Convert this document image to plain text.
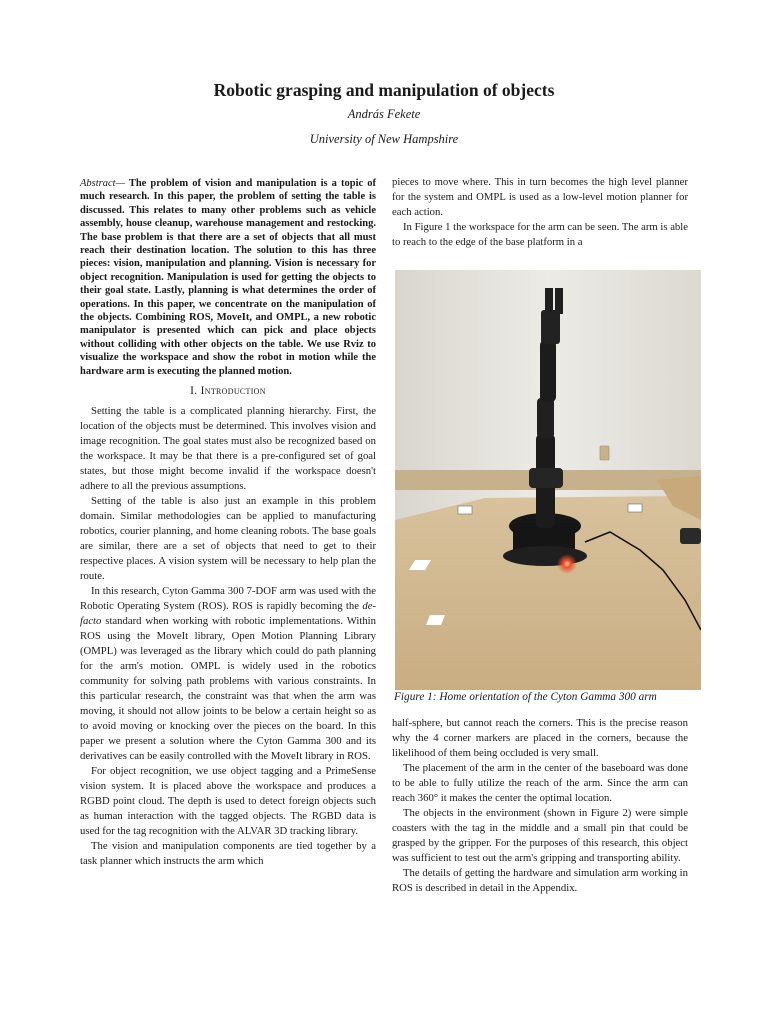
Robotic grasping and manipulation of objects
András Fekete
University of New Hampshire

Abstract— The problem of vision and manipulation is a topic of much research. In this paper, the problem of setting the table is discussed. This relates to many other problems such as vehicle assembly, house cleanup, warehouse management and restocking. The base problem is that there are a set of objects that all must reach their destination location. The solution to this has three pieces: vision, manipulation and planning. Vision is necessary for object recognition. Manipulation is used for getting the objects to their goal state. Lastly, planning is what determines the order of operations. In this paper, we concentrate on the manipulation of the objects. Combining ROS, MoveIt, and OMPL, a new robotic manipulator is presented which can pick and place objects without colliding with other objects on the table. We use Rviz to visualize the workspace and show the robot in motion while the hardware arm is executing the planned motion.

I. Introduction

Setting the table is a complicated planning hierarchy. First, the location of the objects must be determined. This involves vision and image recognition. The goal states must also be recognized based on the workspace. It may be that there is a pre-configured set of goal states, but those might become invalid if the workspace doesn't adhere to all the previous assumptions.

Setting of the table is also just an example in this problem domain. Similar methodologies can be applied to manufacturing robotics, courier planning, and home cleaning robots. The base goals are similar, there are a set of objects that need to get to their respective places. A vision system will be necessary to help plan the route.

In this research, Cyton Gamma 300 7-DOF arm was used with the Robotic Operating System (ROS). ROS is rapidly becoming the de-facto standard when working with robotic implementations. Within ROS using the MoveIt library, Open Motion Planning Library (OMPL) was leveraged as the library which could do path planning for the arm's motion. OMPL is widely used in the robotics community for solving path problems with various constraints. In this particular research, the constraint was that when the arm was moving, it should not allow joints to be below a certain height so as to avoid moving or knocking over the pieces on the board. In this paper we present a solution where the Cyton Gamma 300 and its derivatives can be easily controlled with the MoveIt library in ROS.

For object recognition, we use object tagging and a PrimeSense vision system. It is placed above the workspace and produces a RGBD point cloud. The depth is used to detect foreign objects such as human interaction with the tagged objects. The RGBD data is used for the tag recognition with the ALVAR 3D tracking library.

The vision and manipulation components are tied together by a task planner which instructs the arm which

pieces to move where. This in turn becomes the high level planner for the system and OMPL is used as a low-level motion planner for each action.

In Figure 1 the workspace for the arm can be seen. The arm is able to reach to the edge of the base platform in a

Figure 1: Home orientation of the Cyton Gamma 300 arm

half-sphere, but cannot reach the corners. This is the precise reason why the 4 corner markers are placed in the corners, because the likelihood of them being occluded is very small.

The placement of the arm in the center of the baseboard was done to be able to fully utilize the reach of the arm. Since the arm can reach 360° it makes the center the optimal location.

The objects in the environment (shown in Figure 2) were simple coasters with the tag in the middle and a small pin that could be grasped by the gripper. For the purposes of this research, this object was sufficient to test out the arm's gripping and transporting ability.

The details of getting the hardware and simulation arm working in ROS is described in detail in the Appendix.
